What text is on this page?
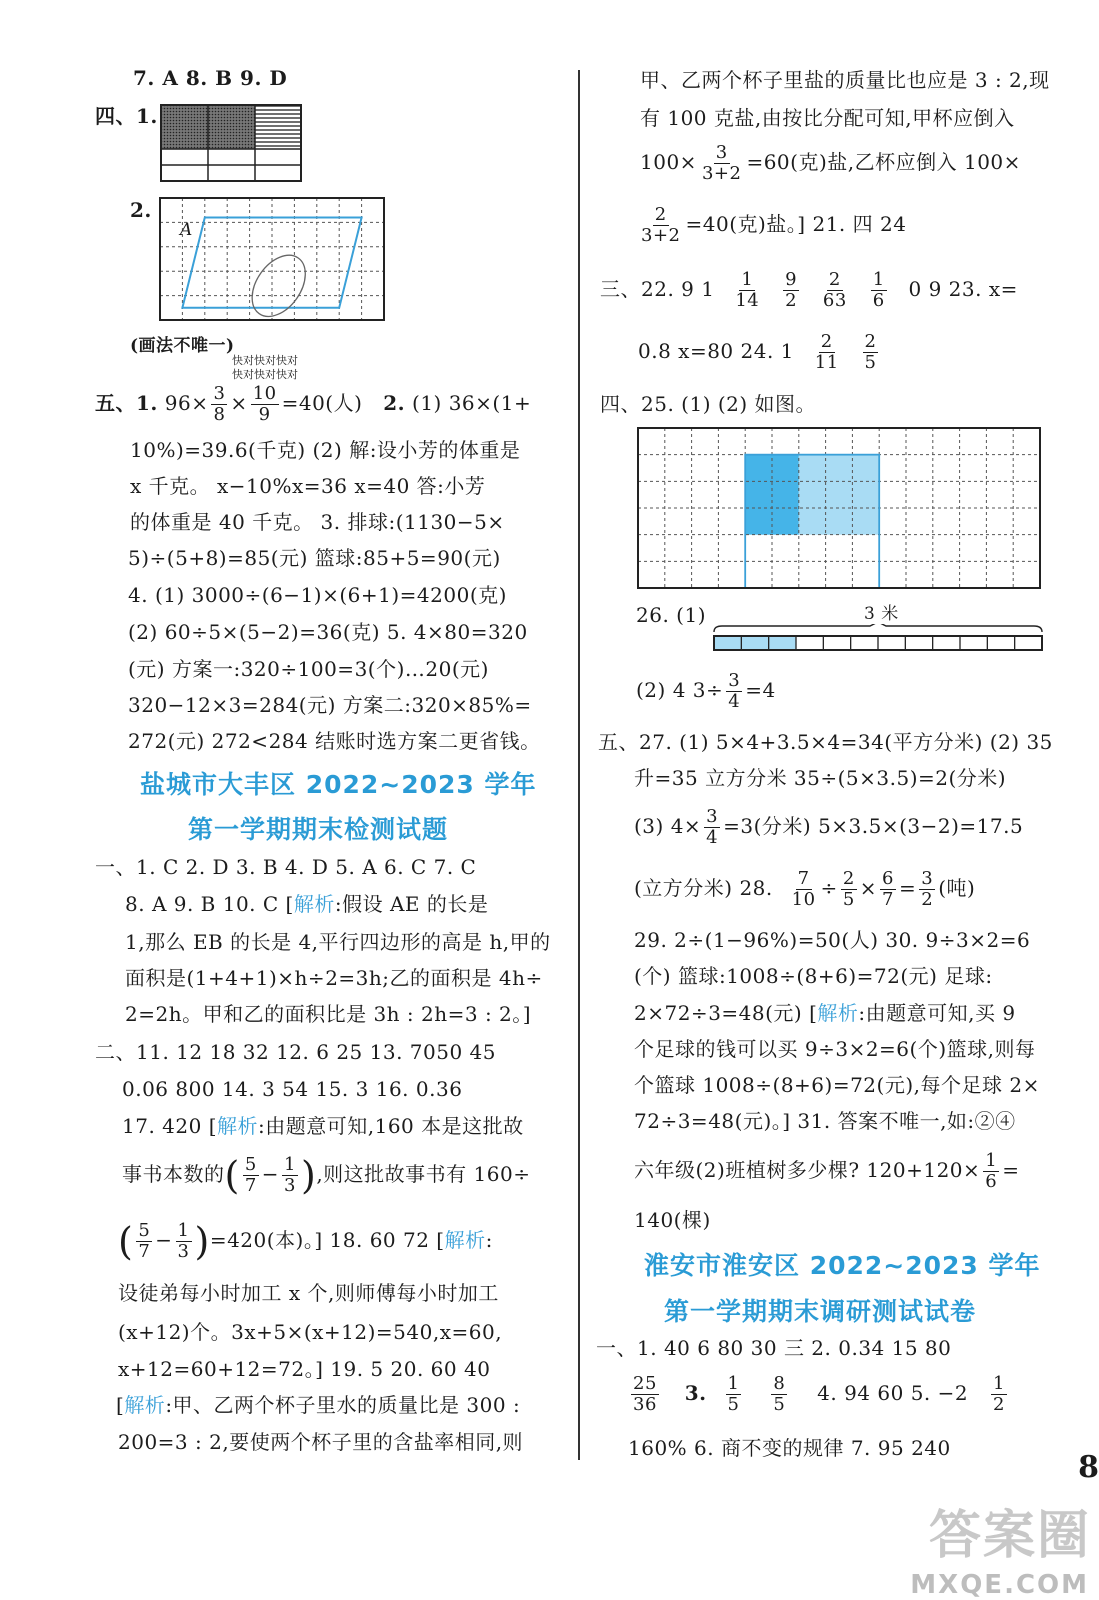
7. A 8. B 9. D
四、1.
2.
A
(画法不唯一)
快对快对快对
快对快对快对
五、1. $96\times \frac{3}{8} \times \frac{10}{9} =40$(人) 2. (1) 36×(1+
10%)=39.6(千克) (2) 解:设小芳的体重是
x 千克。 x−10%x=36 x=40 答:小芳
的体重是 40 千克。 3. 排球:(1130−5×
5)÷(5+8)=85(元) 篮球:85+5=90(元)
4. (1) 3000÷(6−1)×(6+1)=4200(克)
(2) 60÷5×(5−2)=36(克) 5. 4×80=320
(元) 方案一:320÷100=3(个)…20(元)
320−12×3=284(元) 方案二:320×85%=
272(元) 272<284 结账时选方案二更省钱。
盐城市大丰区 2022~2023 学年
第一学期期末检测试题
一、1. C 2. D 3. B 4. D 5. A 6. C 7. C
8. A 9. B 10. C [解析:假设 AE 的长是
1,那么 EB 的长是 4,平行四边形的高是 h,甲的
面积是(1+4+1)×h÷2=3h;乙的面积是 4h÷
2=2h。甲和乙的面积比是 3h : 2h=3 : 2。]
二、11. 12 18 32 12. 6 25 13. 7050 45
0.06 800 14. 3 54 15. 3 16. 0.36
17. 420 [解析:由题意可知,160 本是这批故
事书本数的( $\frac{5}{7} - \frac{1}{3}$ ),则这批故事书有 160÷
( $\frac{5}{7} - \frac{1}{3} )=420$(本)。] 18. 60 72 [解析:
设徒弟每小时加工 x 个,则师傅每小时加工
(x+12)个。3x+5×(x+12)=540,x=60,
x+12=60+12=72。] 19. 5 20. 60 40
[解析:甲、乙两个杯子里水的质量比是 300 :
200=3 : 2,要使两个杯子里的含盐率相同,则
甲、乙两个杯子里盐的质量比也应是 3 : 2,现
有 100 克盐,由按比分配可知,甲杯应倒入
$100\times \frac{3}{3+2} =60$(克)盐,乙杯应倒入 100×
$\frac{2}{3+2} =40$(克)盐。] 21. 四 24
三、22. 9 $1 \frac{1}{14}$
$\frac{9}{2}$
$\frac{2}{63}$
$\frac{1}{6} 0$ 9 23. x=
0.8 x=80 24. $1 \frac{2}{11}$
$\frac{2}{5}$
四、25. (1) (2) 如图。
26. (1)	3 米
(2) 4 $3\div \frac{3}{4} =4$
五、27. (1) 5×4+3.5×4=34(平方分米) (2) 35
升=35 立方分米 35÷(5×3.5)=2(分米)
(3) $4\times \frac{3}{4} =3$(分米) 5×3.5×(3−2)=17.5
(立方分米) 28. $\frac{7}{10} \div \frac{2}{5} \times \frac{6}{7} = \frac{3}{2}$ (吨)
29. 2÷(1−96%)=50(人) 30. 9÷3×2=6
(个) 篮球:1008÷(8+6)=72(元) 足球:
2×72÷3=48(元) [解析:由题意可知,买 9
个足球的钱可以买 9÷3×2=6(个)篮球,则每
个篮球 1008÷(8+6)=72(元),每个足球 2×
72÷3=48(元)。] 31. 答案不唯一,如:②④
六年级(2)班植树多少棵? $120+120\times \frac{1}{6}$ =
140(棵)
淮安市淮安区 2022~2023 学年
第一学期期末调研测试试卷
一、1. 40 6 80 30 三 2. 0.34 15 80
$\frac{25}{36} 3$. $\frac{1}{5}$
$\frac{8}{5} 4$. 94 60 5. $-2 \frac{1}{2}$
160% 6. 商不变的规律 7. 95 240
8
答案圈
MXQE.COM
